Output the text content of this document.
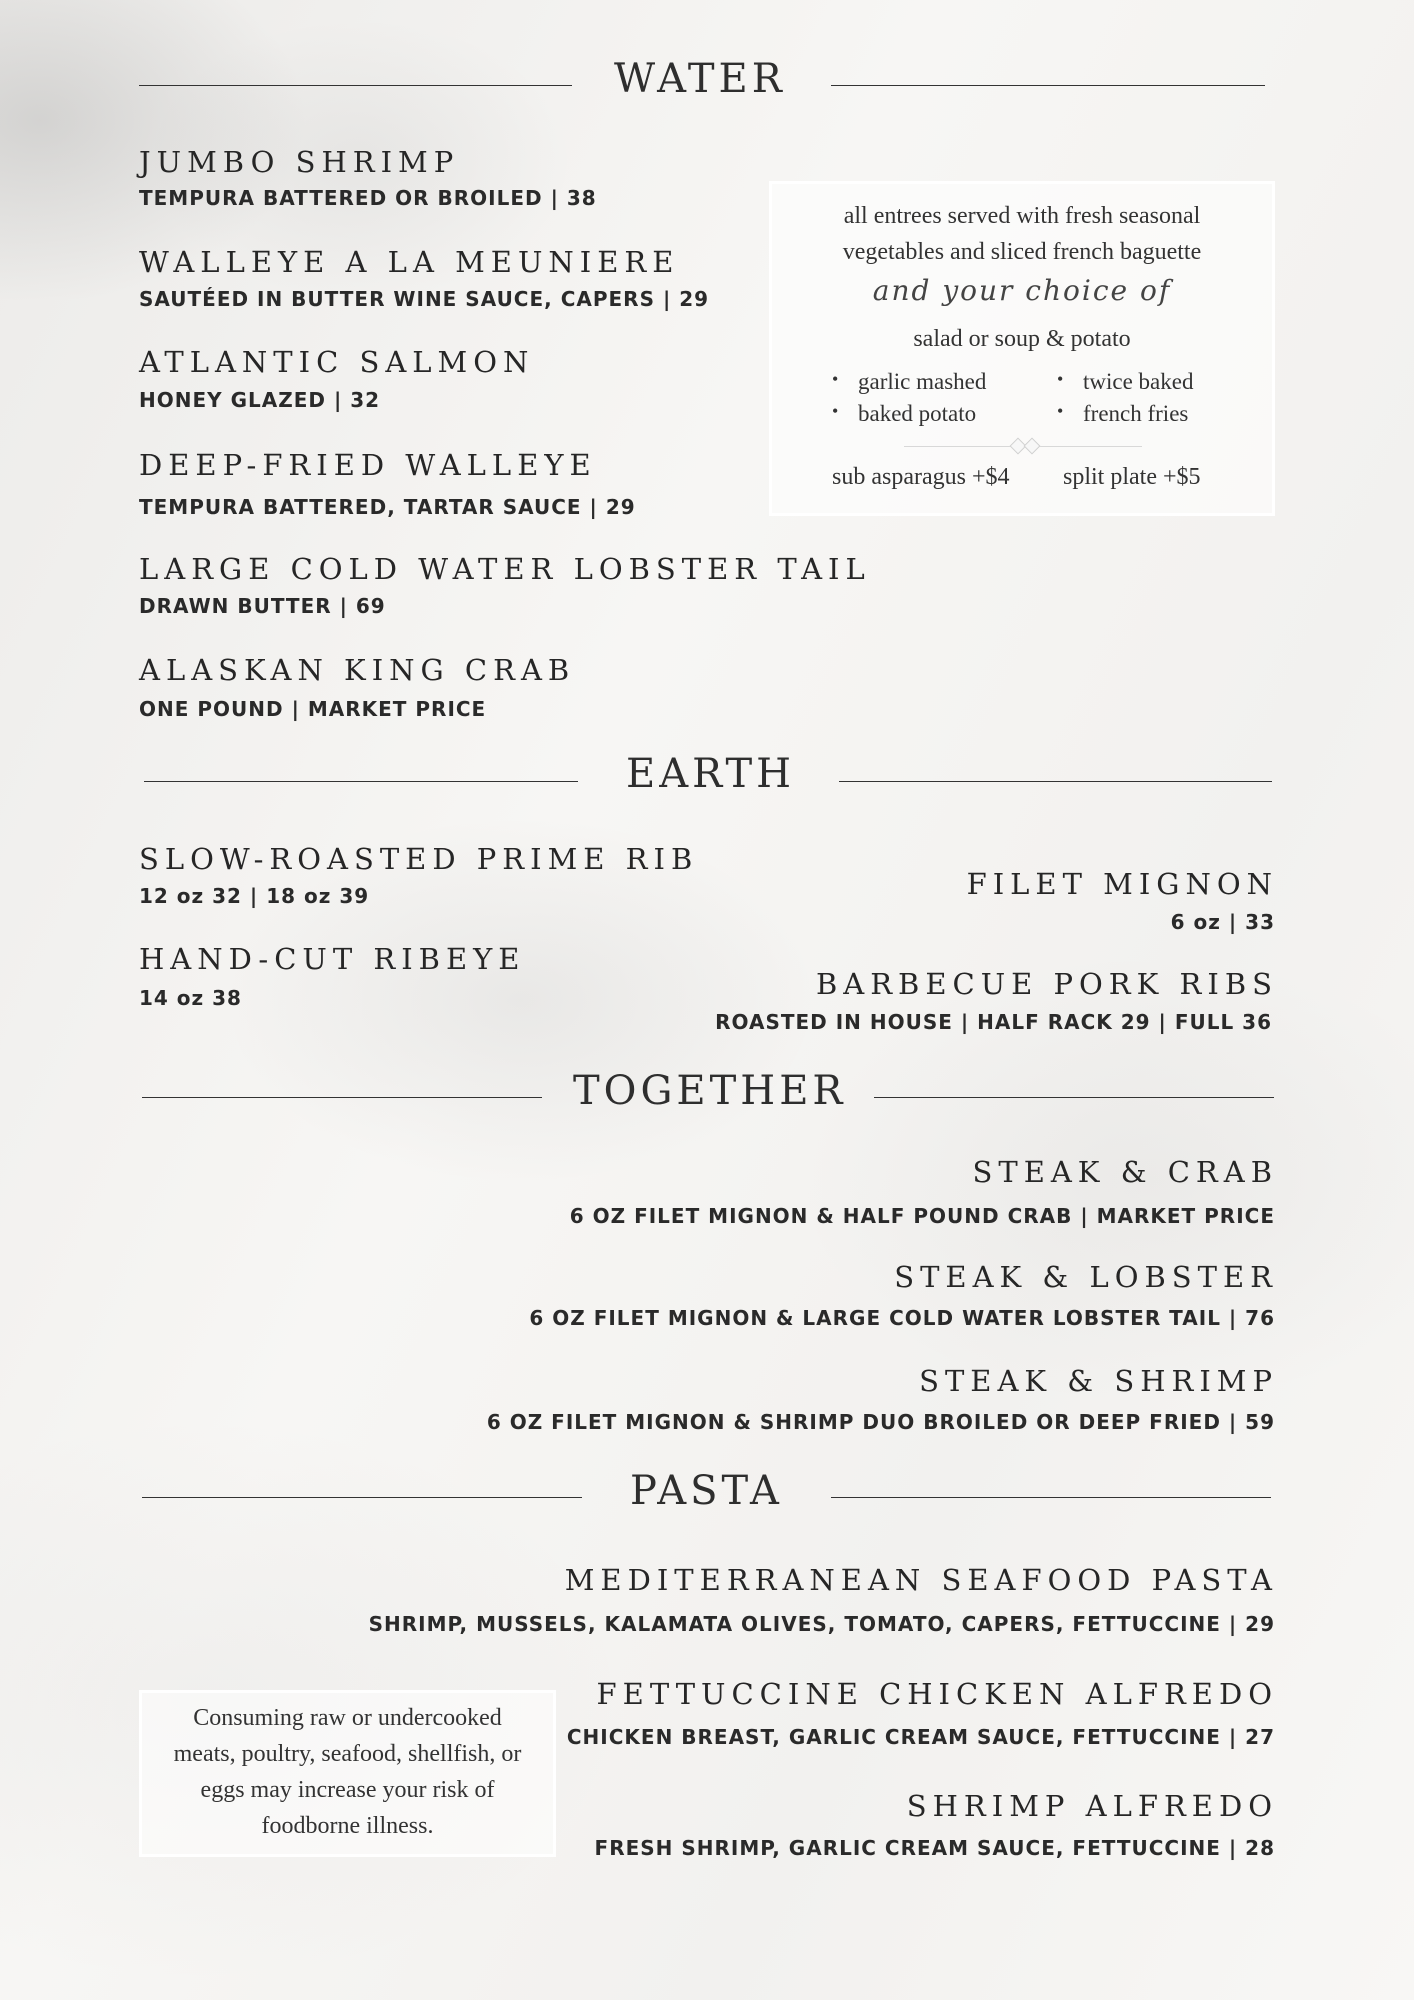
WATER
JUMBO SHRIMP
TEMPURA BATTERED OR BROILED | 38
WALLEYE A LA MEUNIERE
SAUTÉED IN BUTTER WINE SAUCE, CAPERS | 29
ATLANTIC SALMON
HONEY GLAZED | 32
DEEP-FRIED WALLEYE
TEMPURA BATTERED, TARTAR SAUCE | 29
LARGE COLD WATER LOBSTER TAIL
DRAWN BUTTER | 69
ALASKAN KING CRAB
ONE POUND | MARKET PRICE
all entrees served with fresh seasonal
vegetables and sliced french baguette
and your choice of
salad or soup & potato
• garlic mashed	• twice baked
• baked potato	• french fries
sub asparagus +$4 split plate +$5
EARTH
SLOW-ROASTED PRIME RIB
12 oz 32 | 18 oz 39
HAND-CUT RIBEYE
14 oz 38
FILET MIGNON
6 oz | 33
BARBECUE PORK RIBS
ROASTED IN HOUSE | HALF RACK 29 | FULL 36
TOGETHER
STEAK & CRAB
6 OZ FILET MIGNON & HALF POUND CRAB | MARKET PRICE
STEAK & LOBSTER
6 OZ FILET MIGNON & LARGE COLD WATER LOBSTER TAIL | 76
STEAK & SHRIMP
6 OZ FILET MIGNON & SHRIMP DUO BROILED OR DEEP FRIED | 59
PASTA
MEDITERRANEAN SEAFOOD PASTA
SHRIMP, MUSSELS, KALAMATA OLIVES, TOMATO, CAPERS, FETTUCCINE | 29
FETTUCCINE CHICKEN ALFREDO
CHICKEN BREAST, GARLIC CREAM SAUCE, FETTUCCINE | 27
SHRIMP ALFREDO
FRESH SHRIMP, GARLIC CREAM SAUCE, FETTUCCINE | 28
Consuming raw or undercooked
meats, poultry, seafood, shellfish, or
eggs may increase your risk of
foodborne illness.
